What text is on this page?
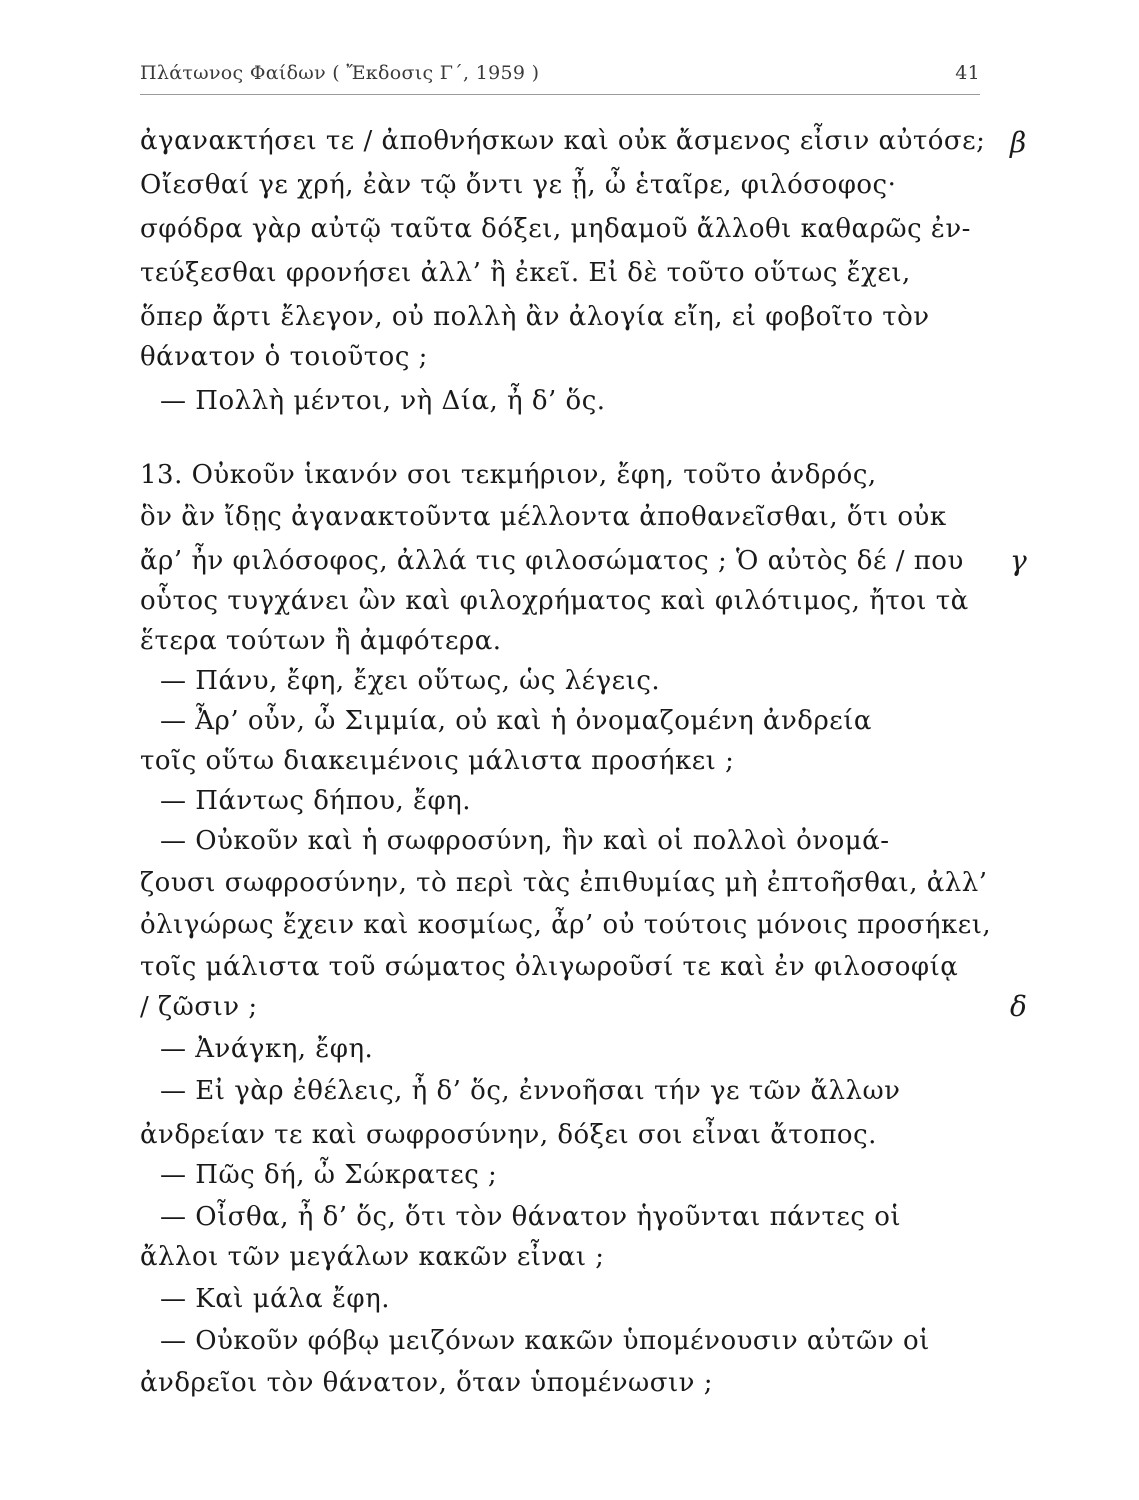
Πλάτωνος Φαίδων ( Ἔκδοσις Γ΄, 1959 )	41
ἀγανακτήσει τε / ἀποθνήσκων καὶ οὐκ ἄσμενος εἶσιν αὐτόσε;
Οἴεσθαί γε χρή, ἐὰν τῷ ὄντι γε ᾖ, ὦ ἑταῖρε, φιλόσοφος·
σφόδρα γὰρ αὐτῷ ταῦτα δόξει, μηδαμοῦ ἄλλοθι καθαρῶς ἐν-
τεύξεσθαι φρονήσει ἀλλ’ ἢ ἐκεῖ. Εἰ δὲ τοῦτο οὕτως ἔχει,
ὅπερ ἄρτι ἔλεγον, οὐ πολλὴ ἂν ἀλογία εἴη, εἰ φοβοῖτο τὸν
θάνατον ὁ τοιοῦτος ;
— Πολλὴ μέντοι, νὴ Δία, ἦ δ’ ὅς.
13. Οὐκοῦν ἱκανόν σοι τεκμήριον, ἔφη, τοῦτο ἀνδρός,
ὃν ἂν ἴδῃς ἀγανακτοῦντα μέλλοντα ἀποθανεῖσθαι, ὅτι οὐκ
ἄρ’ ἦν φιλόσοφος, ἀλλά τις φιλοσώματος ; Ὁ αὐτὸς δέ / που
οὗτος τυγχάνει ὢν καὶ φιλοχρήματος καὶ φιλότιμος, ἤτοι τὰ
ἕτερα τούτων ἢ ἀμφότερα.
— Πάνυ, ἔφη, ἔχει οὕτως, ὡς λέγεις.
— Ἆρ’ οὖν, ὦ Σιμμία, οὐ καὶ ἡ ὀνομαζομένη ἀνδρεία
τοῖς οὕτω διακειμένοις μάλιστα προσήκει ;
— Πάντως δήπου, ἔφη.
— Οὐκοῦν καὶ ἡ σωφροσύνη, ἣν καὶ οἱ πολλοὶ ὀνομά-
ζουσι σωφροσύνην, τὸ περὶ τὰς ἐπιθυμίας μὴ ἐπτοῆσθαι, ἀλλ’
ὀλιγώρως ἔχειν καὶ κοσμίως, ἆρ’ οὐ τούτοις μόνοις προσήκει,
τοῖς μάλιστα τοῦ σώματος ὀλιγωροῦσί τε καὶ ἐν φιλοσοφίᾳ
/ ζῶσιν ;
— Ἀνάγκη, ἔφη.
— Εἰ γὰρ ἐθέλεις, ἦ δ’ ὅς, ἐννοῆσαι τήν γε τῶν ἄλλων
ἀνδρείαν τε καὶ σωφροσύνην, δόξει σοι εἶναι ἄτοπος.
— Πῶς δή, ὦ Σώκρατες ;
— Οἶσθα, ἦ δ’ ὅς, ὅτι τὸν θάνατον ἡγοῦνται πάντες οἱ
ἄλλοι τῶν μεγάλων κακῶν εἶναι ;
— Καὶ μάλα ἔφη.
— Οὐκοῦν φόβῳ μειζόνων κακῶν ὑπομένουσιν αὐτῶν οἱ
ἀνδρεῖοι τὸν θάνατον, ὅταν ὑπομένωσιν ;
β
γ
δ
